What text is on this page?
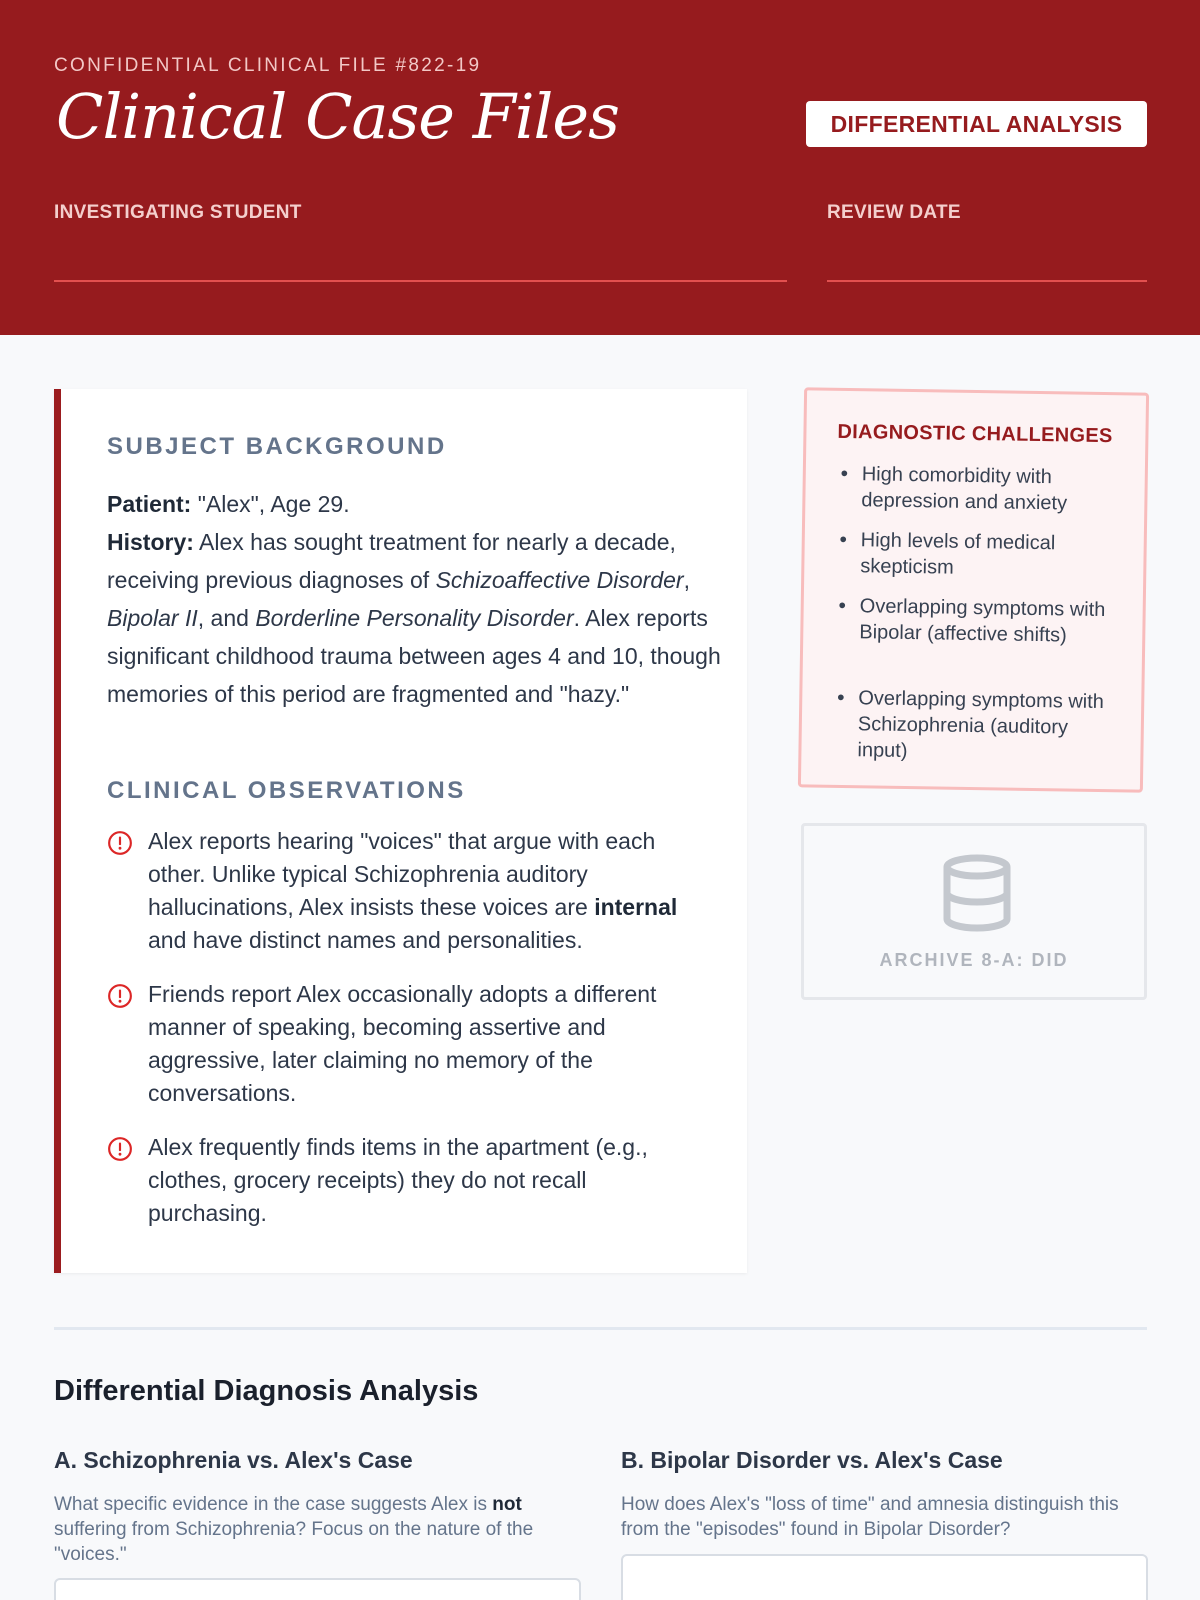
CONFIDENTIAL CLINICAL FILE #822-19
Clinical Case Files	DIFFERENTIAL ANALYSIS
INVESTIGATING STUDENT	REVIEW DATE
SUBJECT BACKGROUND
Patient: "Alex", Age 29.
History: Alex has sought treatment for nearly a decade, receiving previous diagnoses of Schizoaffective Disorder, Bipolar II, and Borderline Personality Disorder. Alex reports significant childhood trauma between ages 4 and 10, though memories of this period are fragmented and "hazy."
CLINICAL OBSERVATIONS
Alex reports hearing "voices" that argue with each other. Unlike typical Schizophrenia auditory hallucinations, Alex insists these voices are internal and have distinct names and personalities.
Friends report Alex occasionally adopts a different manner of speaking, becoming assertive and aggressive, later claiming no memory of the conversations.
Alex frequently finds items in the apartment (e.g., clothes, grocery receipts) they do not recall purchasing.
DIAGNOSTIC CHALLENGES
• High comorbidity with depression and anxiety
• High levels of medical skepticism
• Overlapping symptoms with Bipolar (affective shifts)
• Overlapping symptoms with Schizophrenia (auditory input)
ARCHIVE 8-A: DID
Differential Diagnosis Analysis
A. Schizophrenia vs. Alex's Case
What specific evidence in the case suggests Alex is not suffering from Schizophrenia? Focus on the nature of the "voices."
B. Bipolar Disorder vs. Alex's Case
How does Alex's "loss of time" and amnesia distinguish this from the "episodes" found in Bipolar Disorder?
